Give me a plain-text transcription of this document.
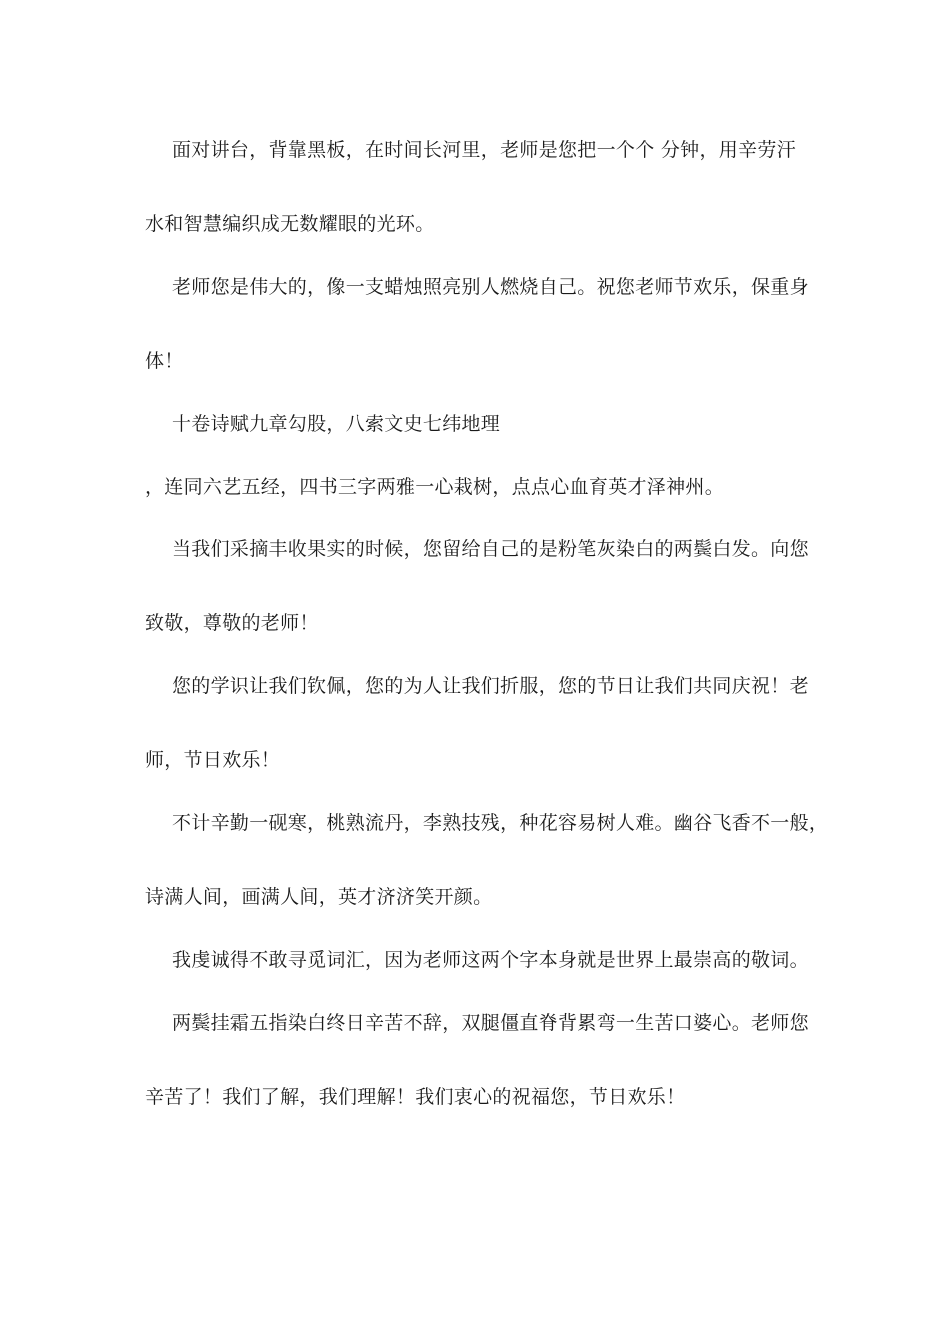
面对讲台，背靠黑板，在时间长河里，老师是您把一个个 分钟，用辛劳汗
水和智慧编织成无数耀眼的光环。
老师您是伟大的，像一支蜡烛照亮别人燃烧自己。祝您老师节欢乐，保重身
体！
十卷诗赋九章勾股，八索文史七纬地理
，连同六艺五经，四书三字两雅一心栽树，点点心血育英才泽神州。
当我们采摘丰收果实的时候，您留给自己的是粉笔灰染白的两鬓白发。向您
致敬，尊敬的老师！
您的学识让我们钦佩，您的为人让我们折服，您的节日让我们共同庆祝！老
师，节日欢乐！
不计辛勤一砚寒，桃熟流丹，李熟技残，种花容易树人难。幽谷飞香不一般，
诗满人间，画满人间，英才济济笑开颜。
我虔诚得不敢寻觅词汇，因为老师这两个字本身就是世界上最崇高的敬词。
两鬓挂霜五指染白终日辛苦不辞，双腿僵直脊背累弯一生苦口婆心。老师您
辛苦了！我们了解，我们理解！我们衷心的祝福您，节日欢乐！
